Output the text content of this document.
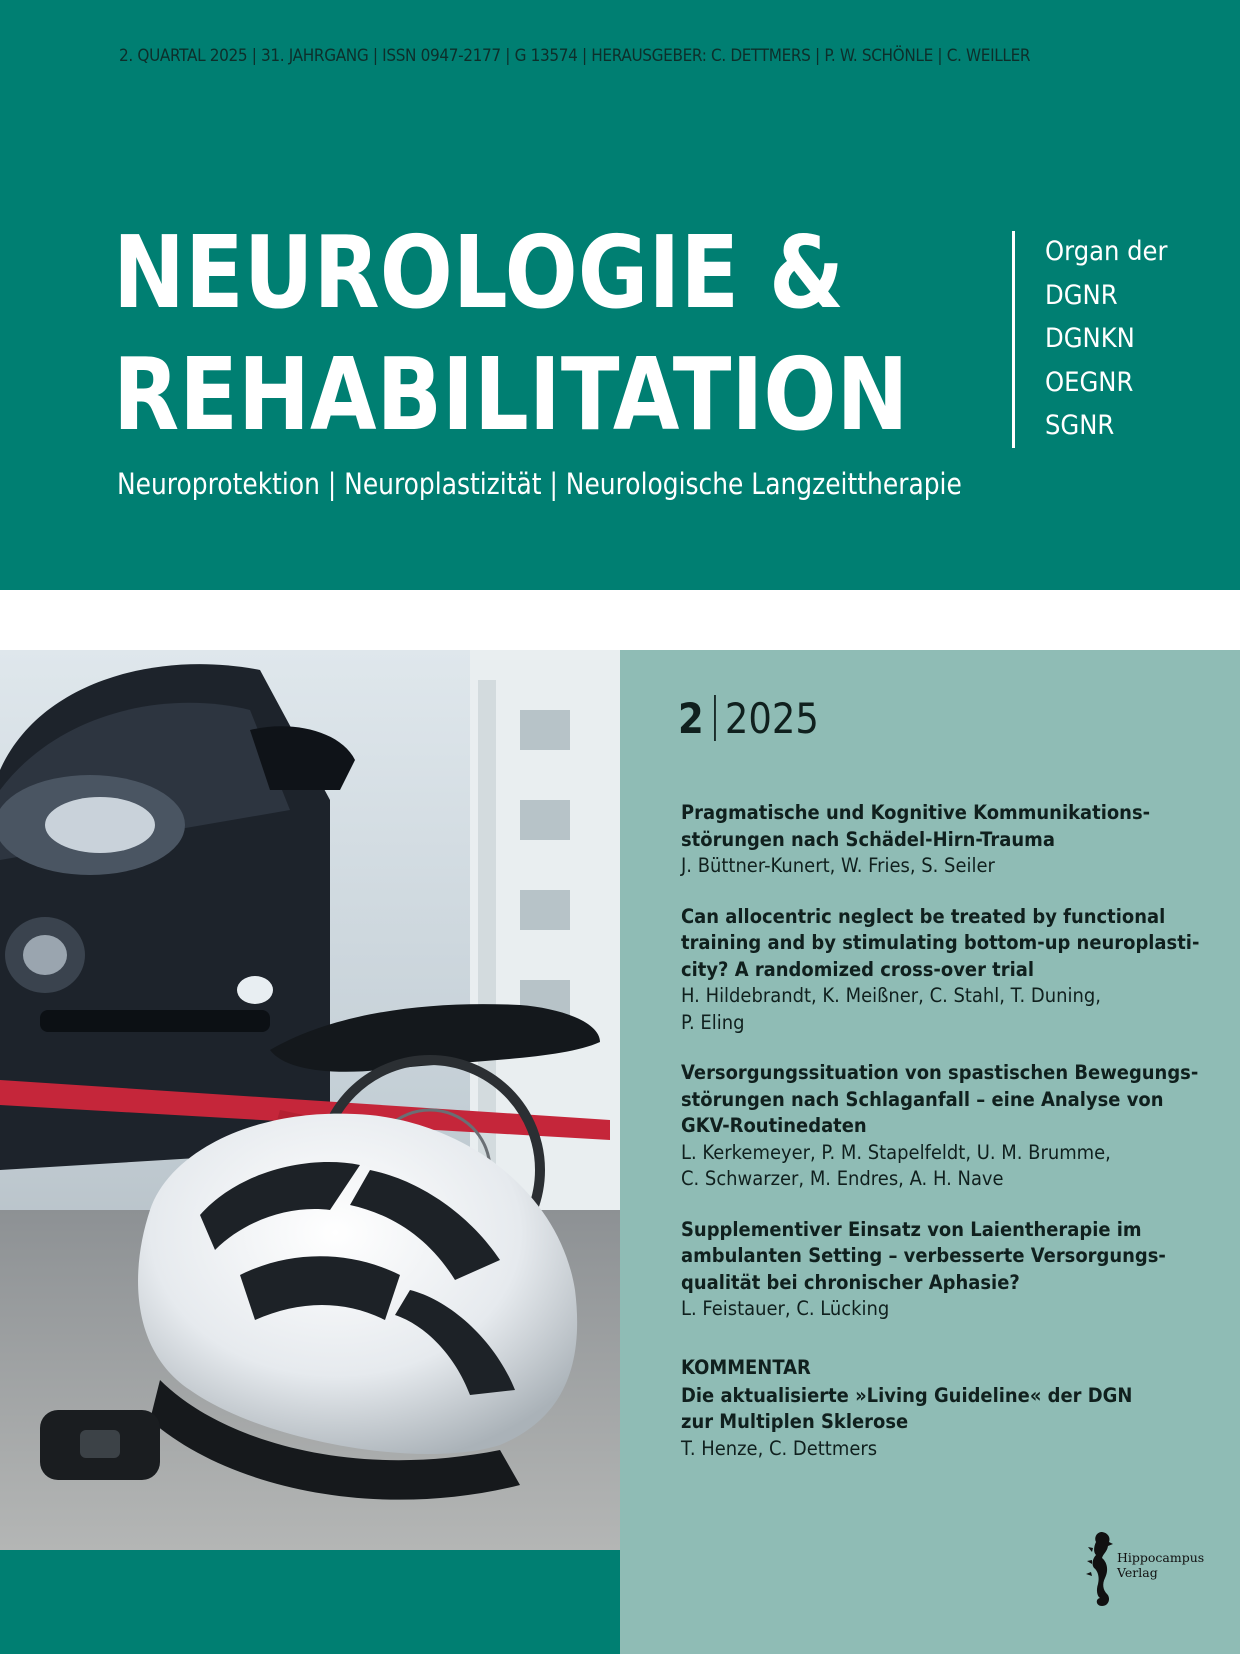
2. QUARTAL 2025 | 31. JAHRGANG | ISSN 0947-2177 | G 13574 | HERAUSGEBER: C. DETTMERS | P. W. SCHÖNLE | C. WEILLER
NEUROLOGIE &
REHABILITATION
Organ der
DGNR
DGNKN
OEGNR
SGNR
Neuroprotektion | Neuroplastizität | Neurologische Langzeittherapie
2 2025
Pragmatische und Kognitive Kommunikations-
störungen nach Schädel-Hirn-Trauma
J. Büttner-Kunert, W. Fries, S. Seiler
Can allocentric neglect be treated by functional
training and by stimulating bottom-up neuroplasti-
city? A randomized cross-over trial
H. Hildebrandt, K. Meißner, C. Stahl, T. Duning,
P. Eling
Versorgungssituation von spastischen Bewegungs-
störungen nach Schlaganfall – eine Analyse von
GKV-Routinedaten
L. Kerkemeyer, P. M. Stapelfeldt, U. M. Brumme,
C. Schwarzer, M. Endres, A. H. Nave
Supplementiver Einsatz von Laientherapie im
ambulanten Setting – verbesserte Versorgungs-
qualität bei chronischer Aphasie?
L. Feistauer, C. Lücking
KOMMENTAR
Die aktualisierte »Living Guideline« der DGN
zur Multiplen Sklerose
T. Henze, C. Dettmers
Hippocampus
Verlag
